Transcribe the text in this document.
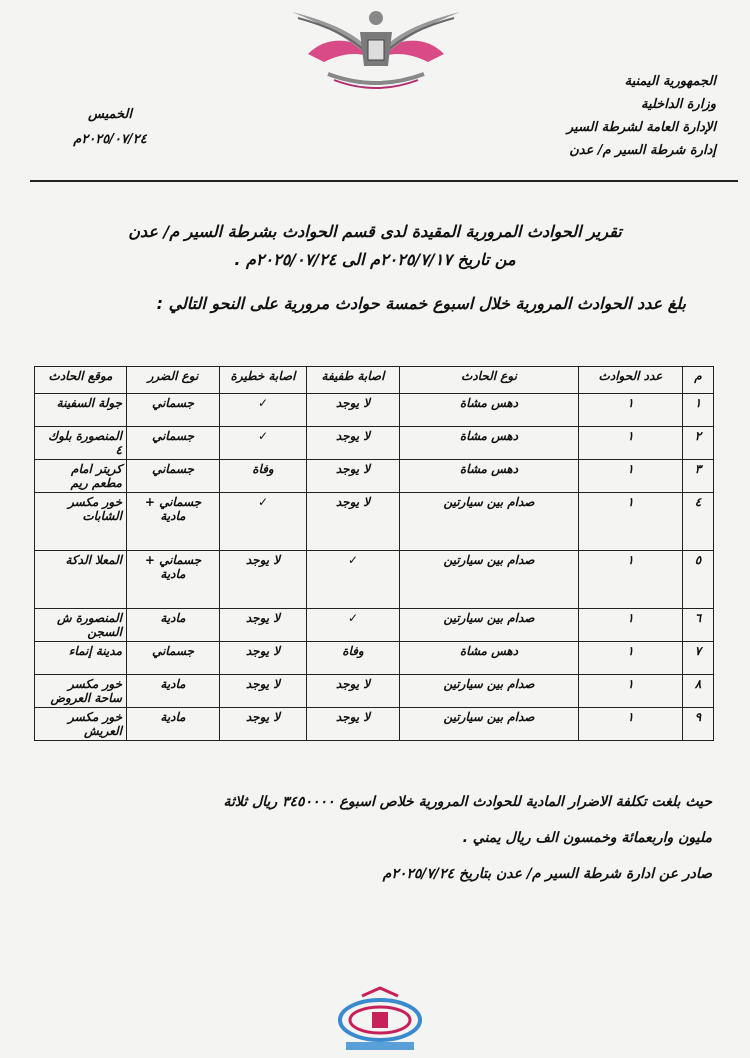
الجمهورية اليمنية
وزارة الداخلية
الإدارة العامة لشرطة السير
إدارة شرطة السير م/ عدن
الخميس
٢٠٢٥/٠٧/٢٤م
تقرير الحوادث المرورية المقيدة لدى قسم الحوادث بشرطة السير م/ عدن
من تاريخ ٢٠٢٥/٧/١٧م الى ٢٠٢٥/٠٧/٢٤م .
بلغ عدد الحوادث المرورية خلال اسبوع خمسة حوادث مرورية على النحو التالي :
م	عدد الحوادث	نوع الحادث	اصابة طفيفة	اصابة خطيرة	نوع الضرر	موقع الحادث
١	١	دهس مشاة	لا يوجد	✓	جسماني	جولة السفينة
٢	١	دهس مشاة	لا يوجد	✓	جسماني	المنصورة بلوك ٤
٣	١	دهس مشاة	لا يوجد	وفاة	جسماني	كريتر امام مطعم ريم
٤	١	صدام بين سيارتين	لا يوجد	✓	جسماني + مادية	خور مكسر الشابات
٥	١	صدام بين سيارتين	✓	لا يوجد	جسماني + مادية	المعلا الدكة
٦	١	صدام بين سيارتين	✓	لا يوجد	مادية	المنصورة ش السجن
٧	١	دهس مشاة	وفاة	لا يوجد	جسماني	مدينة إنماء
٨	١	صدام بين سيارتين	لا يوجد	لا يوجد	مادية	خور مكسر ساحة العروض
٩	١	صدام بين سيارتين	لا يوجد	لا يوجد	مادية	خور مكسر العريش
حيث بلغت تكلفة الاضرار المادية للحوادث المرورية خلاص اسبوع ٣٤٥٠٠٠٠ ريال ثلاثة
مليون واربعمائة وخمسون الف ريال يمني .
صادر عن ادارة شرطة السير م/ عدن بتاريخ ٢٠٢٥/٧/٢٤م
